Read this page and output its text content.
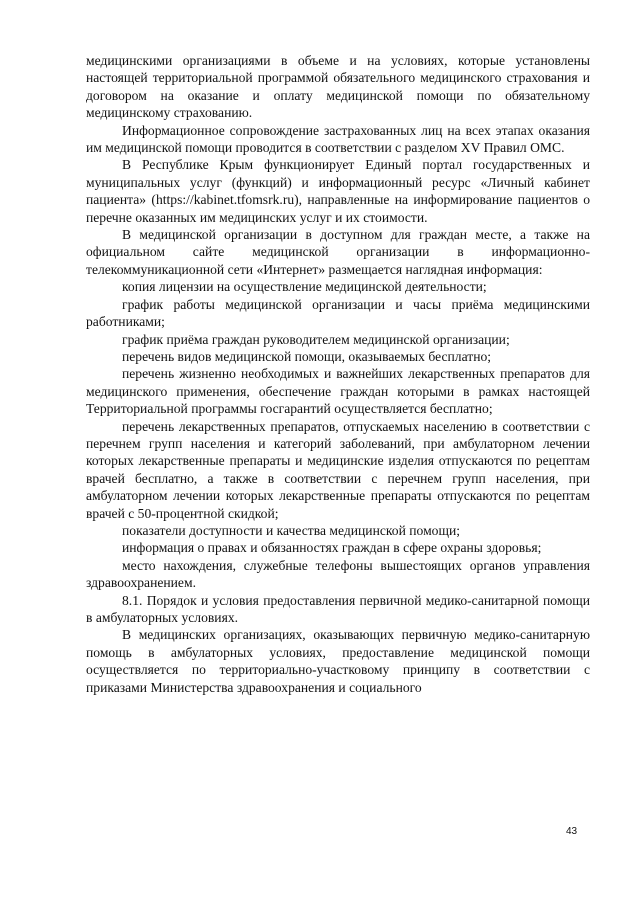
медицинскими организациями в объеме и на условиях, которые установлены настоящей территориальной программой обязательного медицинского страхования и договором на оказание и оплату медицинской помощи по обязательному медицинскому страхованию.

Информационное сопровождение застрахованных лиц на всех этапах оказания им медицинской помощи проводится в соответствии с разделом XV Правил ОМС.

В Республике Крым функционирует Единый портал государственных и муниципальных услуг (функций) и информационный ресурс «Личный кабинет пациента» (https://kabinet.tfomsrk.ru), направленные на информирование пациентов о перечне оказанных им медицинских услуг и их стоимости.

В медицинской организации в доступном для граждан месте, а также на официальном сайте медицинской организации в информационно-телекоммуникационной сети «Интернет» размещается наглядная информация:

копия лицензии на осуществление медицинской деятельности;

график работы медицинской организации и часы приёма медицинскими работниками;

график приёма граждан руководителем медицинской организации;

перечень видов медицинской помощи, оказываемых бесплатно;

перечень жизненно необходимых и важнейших лекарственных препаратов для медицинского применения, обеспечение граждан которыми в рамках настоящей Территориальной программы госгарантий осуществляется бесплатно;

перечень лекарственных препаратов, отпускаемых населению в соответствии с перечнем групп населения и категорий заболеваний, при амбулаторном лечении которых лекарственные препараты и медицинские изделия отпускаются по рецептам врачей бесплатно, а также в соответствии с перечнем групп населения, при амбулаторном лечении которых лекарственные препараты отпускаются по рецептам врачей с 50-процентной скидкой;

показатели доступности и качества медицинской помощи;

информация о правах и обязанностях граждан в сфере охраны здоровья;

место нахождения, служебные телефоны вышестоящих органов управления здравоохранением.

8.1. Порядок и условия предоставления первичной медико-санитарной помощи в амбулаторных условиях.

В медицинских организациях, оказывающих первичную медико-санитарную помощь в амбулаторных условиях, предоставление медицинской помощи осуществляется по территориально-участковому принципу в соответствии с приказами Министерства здравоохранения и социального

43
